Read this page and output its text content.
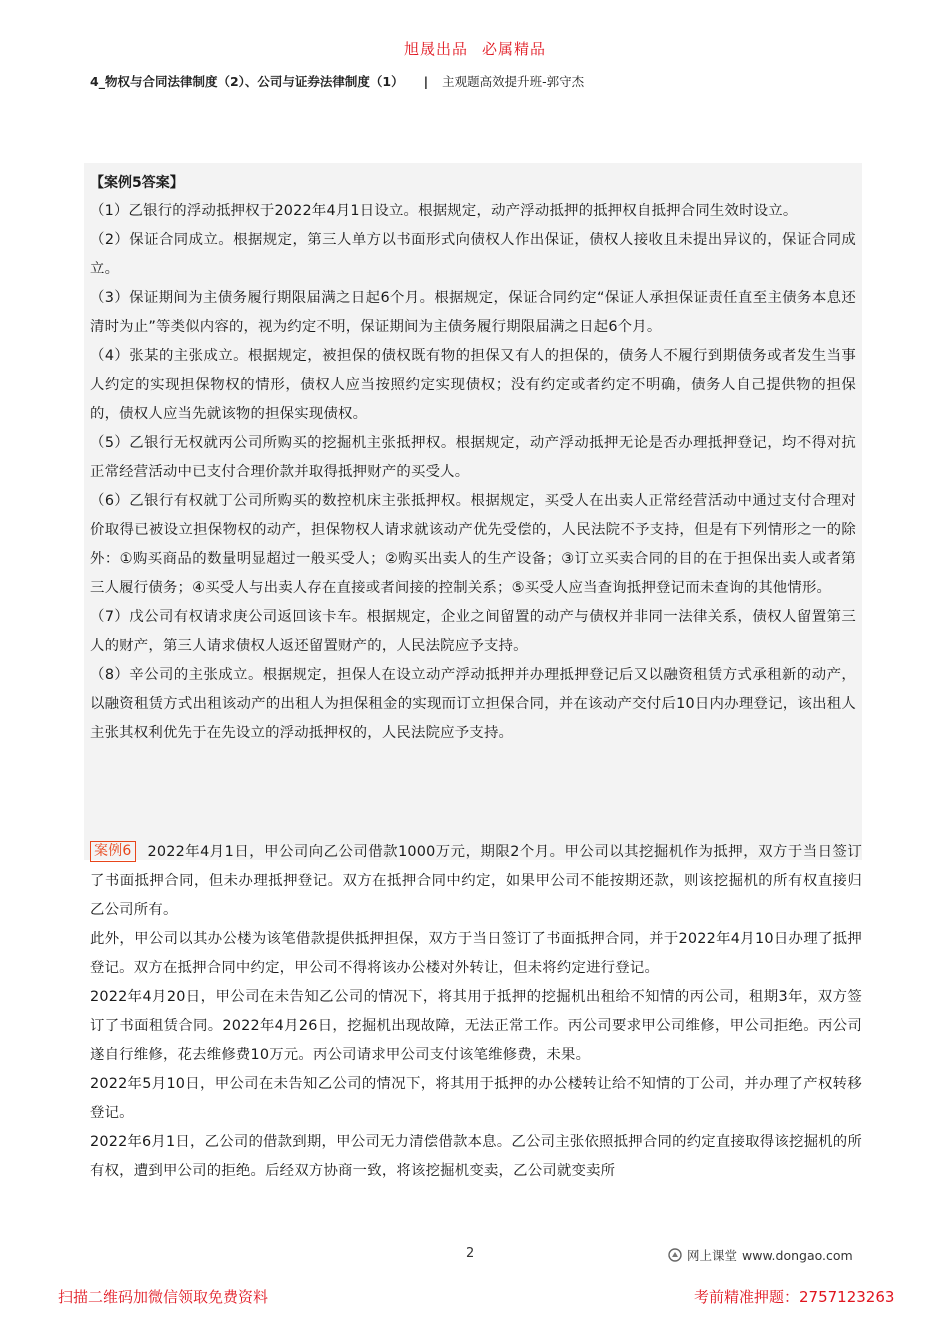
旭晟出品 必属精品
4_物权与合同法律制度（2）、公司与证券法律制度（1） | 主观题高效提升班-郭守杰
【案例5答案】

（1）乙银行的浮动抵押权于2022年4月1日设立。根据规定，动产浮动抵押的抵押权自抵押合同生效时设立。

（2）保证合同成立。根据规定，第三人单方以书面形式向债权人作出保证，债权人接收且未提出异议的，保证合同成立。

（3）保证期间为主债务履行期限届满之日起6个月。根据规定，保证合同约定“保证人承担保证责任直至主债务本息还清时为止”等类似内容的，视为约定不明，保证期间为主债务履行期限届满之日起6个月。

（4）张某的主张成立。根据规定，被担保的债权既有物的担保又有人的担保的，债务人不履行到期债务或者发生当事人约定的实现担保物权的情形，债权人应当按照约定实现债权；没有约定或者约定不明确，债务人自己提供物的担保的，债权人应当先就该物的担保实现债权。

（5）乙银行无权就丙公司所购买的挖掘机主张抵押权。根据规定，动产浮动抵押无论是否办理抵押登记，均不得对抗正常经营活动中已支付合理价款并取得抵押财产的买受人。

（6）乙银行有权就丁公司所购买的数控机床主张抵押权。根据规定，买受人在出卖人正常经营活动中通过支付合理对价取得已被设立担保物权的动产，担保物权人请求就该动产优先受偿的，人民法院不予支持，但是有下列情形之一的除外：①购买商品的数量明显超过一般买受人；②购买出卖人的生产设备；③订立买卖合同的目的在于担保出卖人或者第三人履行债务；④买受人与出卖人存在直接或者间接的控制关系；⑤买受人应当查询抵押登记而未查询的其他情形。

（7）戊公司有权请求庚公司返回该卡车。根据规定，企业之间留置的动产与债权并非同一法律关系，债权人留置第三人的财产，第三人请求债权人返还留置财产的，人民法院应予支持。

（8）辛公司的主张成立。根据规定，担保人在设立动产浮动抵押并办理抵押登记后又以融资租赁方式承租新的动产，以融资租赁方式出租该动产的出租人为担保租金的实现而订立担保合同，并在该动产交付后10日内办理登记，该出租人主张其权利优先于在先设立的浮动抵押权的，人民法院应予支持。

案例6 2022年4月1日，甲公司向乙公司借款1000万元，期限2个月。甲公司以其挖掘机作为抵押，双方于当日签订了书面抵押合同，但未办理抵押登记。双方在抵押合同中约定，如果甲公司不能按期还款，则该挖掘机的所有权直接归乙公司所有。

此外，甲公司以其办公楼为该笔借款提供抵押担保，双方于当日签订了书面抵押合同，并于2022年4月10日办理了抵押登记。双方在抵押合同中约定，甲公司不得将该办公楼对外转让，但未将约定进行登记。

2022年4月20日，甲公司在未告知乙公司的情况下，将其用于抵押的挖掘机出租给不知情的丙公司，租期3年，双方签订了书面租赁合同。2022年4月26日，挖掘机出现故障，无法正常工作。丙公司要求甲公司维修，甲公司拒绝。丙公司遂自行维修，花去维修费10万元。丙公司请求甲公司支付该笔维修费，未果。

2022年5月10日，甲公司在未告知乙公司的情况下，将其用于抵押的办公楼转让给不知情的丁公司，并办理了产权转移登记。

2022年6月1日，乙公司的借款到期，甲公司无力清偿借款本息。乙公司主张依照抵押合同的约定直接取得该挖掘机的所有权，遭到甲公司的拒绝。后经双方协商一致，将该挖掘机变卖，乙公司就变卖所

2	网上课堂 www.dongao.com
扫描二维码加微信领取免费资料	考前精准押题：2757123263
